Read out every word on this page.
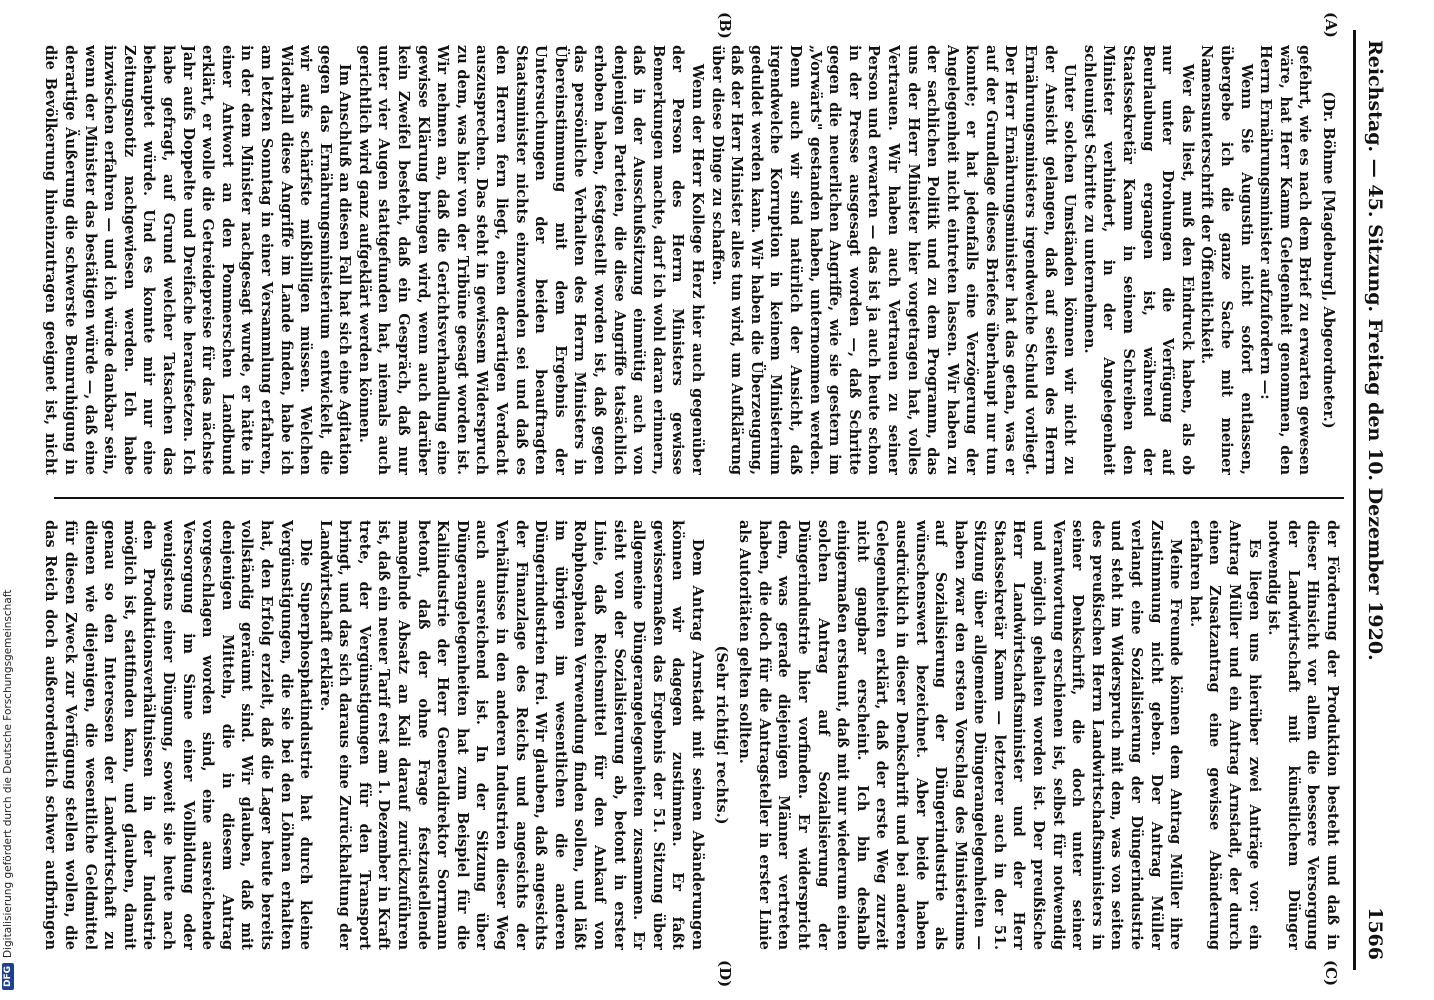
Reichstag. — 45. Sitzung. Freitag den 10. Dezember 1920.
1566
(A)
(B)
(C)
(D)

(Dr. Böhme [Magdeburg], Abgeordneter.)

gefehrt, wie es nach dem Brief zu erwarten gewesen wäre, hat Herr Kamm Gelegenheit genommen, den Herrn Ernährungsminister aufzufordern —:

Wenn Sie Augustin nicht sofort entlassen, übergebe ich die ganze Sache mit meiner Namensunterschrift der Öffentlichkeit.

Wer das liest, muß den Eindruck haben, als ob nur unter Drohungen die Verfügung auf Beurlaubung ergangen ist, während der Staatssekretär Kamm in seinem Schreiben den Minister verhindert, in der Angelegenheit schleunigst Schritte zu unternehmen.

Unter solchen Umständen können wir nicht zu der Ansicht gelangen, daß auf seiten des Herrn Ernährungsministers irgendwelche Schuld vorliegt. Der Herr Ernährungsminister hat das getan, was er auf der Grundlage dieses Briefes überhaupt nur tun konnte; er hat jedenfalls eine Verzögerung der Angelegenheit nicht eintreten lassen. Wir haben zu der sachlichen Politik und zu dem Programm, das uns der Herr Minister hier vorgetragen hat, volles Vertrauen. Wir haben auch Vertrauen zu seiner Person und erwarten — das ist ja auch heute schon in der Presse ausgesagt worden —, daß Schritte gegen die neuerlichen Angriffe, wie sie gestern im „Vorwärts" gestanden haben, unternommen werden. Denn auch wir sind natürlich der Ansicht, daß irgendwelche Korruption in keinem Ministerium geduldet werden kann. Wir haben die Überzeugung, daß der Herr Minister alles tun wird, um Aufklärung über diese Dinge zu schaffen.

Wenn der Herr Kollege Herz hier auch gegenüber der Person des Herrn Ministers gewisse Bemerkungen machte, darf ich wohl daran erinnern, daß in der Ausschußsitzung einmütig auch von denjenigen Parteien, die diese Angriffe tatsächlich erhoben haben, festgestellt worden ist, daß gegen das persönliche Verhalten des Herrn Ministers in Übereinstimmung mit dem Ergebnis der Untersuchungen der beiden beauftragten Staatsminister nichts einzuwenden sei und daß es den Herren fern liegt, einen derartigen Verdacht auszusprechen. Das steht in gewissem Widerspruch zu dem, was hier von der Tribüne gesagt worden ist. Wir nehmen an, daß die Gerichtsverhandlung eine gewisse Klärung bringen wird, wenn auch darüber kein Zweifel besteht, daß ein Gespräch, daß nur unter vier Augen stattgefunden hat, niemals auch gerichtlich wird ganz aufgeklärt werden können.

Im Anschluß an diesen Fall hat sich eine Agitation gegen das Ernährungsministerium entwickelt, die wir aufs schärfste mißbilligen müssen. Welchen Widerhall diese Angriffe im Lande finden, habe ich am letzten Sonntag in einer Versammlung erfahren, in der dem Minister nachgesagt wurde, er hätte in einer Antwort an den Pommerschen Landbund erklärt, er wolle die Getreidepreise für das nächste Jahr aufs Doppelte und Dreifache heraufsetzen. Ich habe gefragt, auf Grund welcher Tatsachen das behauptet würde. Und es konnte mir nur eine Zeitungsnotiz nachgewiesen werden. Ich habe inzwischen erfahren — und ich würde dankbar sein, wenn der Minister das bestätigen würde —, daß eine derartige Äußerung die schwerste Beunruhigung in die Bevölkerung hineinzutragen geeignet ist, nicht

der Förderung der Produktion besteht und daß in dieser Hinsicht vor allem die bessere Versorgung der Landwirtschaft mit künstlichem Dünger notwendig ist.

Es liegen uns hierüber zwei Anträge vor: ein Antrag Müller und ein Antrag Arnstadt, der durch einen Zusatzantrag eine gewisse Abänderung erfahren hat.

Meine Freunde können dem Antrag Müller ihre Zustimmung nicht geben. Der Antrag Müller verlangt eine Sozialisierung der Düngerindustrie und steht im Widerspruch mit dem, was von seiten des preußischen Herrn Landwirtschaftsministers in seiner Denkschrift, die doch unter seiner Verantwortung erschienen ist, selbst für notwendig und möglich gehalten worden ist. Der preußische Herr Landwirtschaftsminister und der Herr Staatssekretär Kamm — letzterer auch in der 51. Sitzung über allgemeine Düngerangelegenheiten — haben zwar den ersten Vorschlag des Ministeriums auf Sozialisierung der Düngerindustrie als wünschenswert bezeichnet. Aber beide haben ausdrücklich in dieser Denkschrift und bei anderen Gelegenheiten erklärt, daß der erste Weg zurzeit nicht gangbar erscheint. Ich bin deshalb einigermaßen erstaunt, daß mit nur wiederum einen solchen Antrag auf Sozialisierung der Düngerindustrie hier vorfinden. Er widerspricht dem, was gerade diejenigen Männer vertreten haben, die doch für die Antragsteller in erster Linie als Autoritäten gelten sollten.

(Sehr richtig! rechts.)

Dem Antrag Arnstadt mit seinen Abänderungen können wir dagegen zustimmen. Er faßt gewissermaßen das Ergebnis der 51. Sitzung über allgemeine Düngerangelegenheiten zusammen. Er sieht von der Sozialisierung ab, betont in erster Linie, daß Reichsmittel für den Ankauf von Rohphosphaten Verwendung finden sollen, und läßt im übrigen im wesentlichen die anderen Düngerindustrien frei. Wir glauben, daß angesichts der Finanzlage des Reichs und angesichts der Verhältnisse in den anderen Industrien dieser Weg auch ausreichend ist. In der Sitzung über Düngerangelegenheiten hat zum Beispiel für die Kaliindustrie der Herr Generaldirektor Sorrmann betont, daß der ohne Frage festzustellende mangelnde Absatz an Kali darauf zurückzuführen ist, daß ein neuer Tarif erst am 1. Dezember in Kraft trete, der Vergünstigungen für den Transport bringt, und das sich daraus eine Zurückhaltung der Landwirtschaft erkläre.

Die Superphosphatindustrie hat durch kleine Vergünstigungen, die sie bei den Löhnen erhalten hat, den Erfolg erzielt, daß die Lager heute bereits vollständig geräumt sind. Wir glauben, daß mit denjenigen Mitteln, die in diesem Antrag vorgeschlagen worden sind, eine ausreichende Versorgung im Sinne einer Vollbildung oder wenigstens einer Düngung, soweit sie heute nach den Produktionsverhältnissen in der Industrie möglich ist, stattfinden kann, und glauben, damit genau so den Interessen der Landwirtschaft zu dienen wie diejenigen, die wesentliche Geldmittel für diesen Zweck zur Verfügung stellen wollen, die das Reich doch außerordentlich schwer aufbringen

DFG
Digitalisierung gefördert durch die Deutsche Forschungsgemeinschaft
